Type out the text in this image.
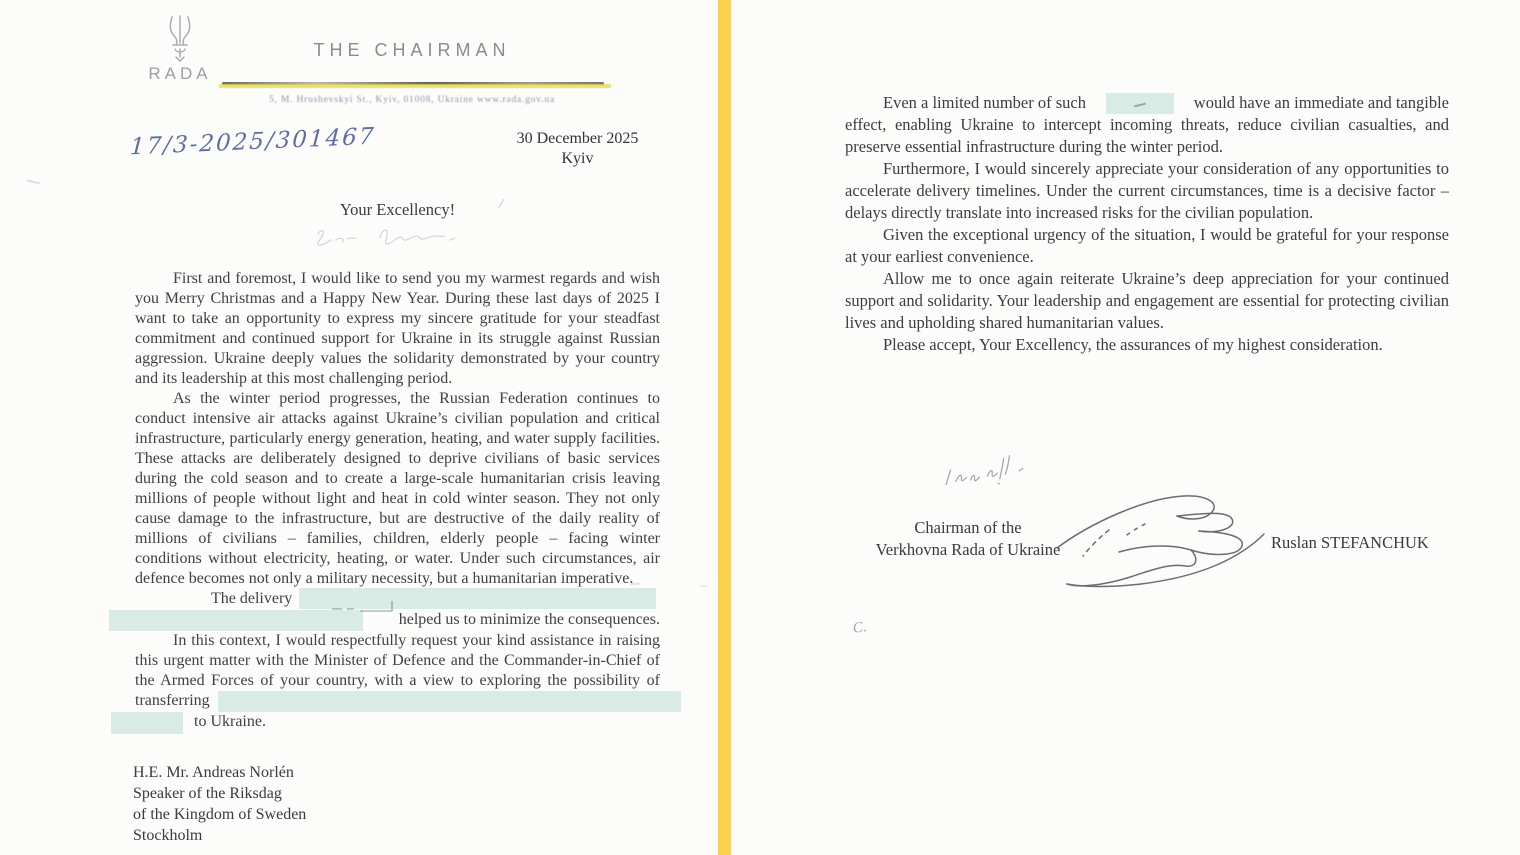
RADA
THE CHAIRMAN
5, M. Hrushevskyi St., Kyiv, 01008, Ukraine www.rada.gov.ua
17/3-2025/301467	30 December 2025
Kyiv
Your Excellency!	/
First and foremost, I would like to send you my warmest regards and wish you Merry Christmas and a Happy New Year. During these last days of 2025 I want to take an opportunity to express my sincere gratitude for your steadfast commitment and continued support for Ukraine in its struggle against Russian aggression. Ukraine deeply values the solidarity demonstrated by your country and its leadership at this most challenging period.
As the winter period progresses, the Russian Federation continues to conduct intensive air attacks against Ukraine’s civilian population and critical infrastructure, particularly energy generation, heating, and water supply facilities. These attacks are deliberately designed to deprive civilians of basic services during the cold season and to create a large-scale humanitarian crisis leaving millions of people without light and heat in cold winter season. They not only cause damage to the infrastructure, but are destructive of the daily reality of millions of civilians – families, children, elderly people – facing winter conditions without electricity, heating, or water. Under such circumstances, air defence becomes not only a military necessity, but a humanitarian imperative.
The delivery
helped us to minimize the consequences.
In this context, I would respectfully request your kind assistance in raising this urgent matter with the Minister of Defence and the Commander-in-Chief of the Armed Forces of your country, with a view to exploring the possibility of
transferring
to Ukraine.
H.E. Mr. Andreas Norlén
Speaker of the Riksdag
of the Kingdom of Sweden
Stockholm
Even a limited number of such	would have an immediate and tangible
effect, enabling Ukraine to intercept incoming threats, reduce civilian casualties, and preserve essential infrastructure during the winter period.
Furthermore, I would sincerely appreciate your consideration of any opportunities to accelerate delivery timelines. Under the current circumstances, time is a decisive factor – delays directly translate into increased risks for the civilian population.
Given the exceptional urgency of the situation, I would be grateful for your response at your earliest convenience.
Allow me to once again reiterate Ukraine’s deep appreciation for your continued support and solidarity. Your leadership and engagement are essential for protecting civilian lives and upholding shared humanitarian values.
Please accept, Your Excellency, the assurances of my highest consideration.
Chairman of the
Verkhovna Rada of Ukraine	Ruslan STEFANCHUK
C.
